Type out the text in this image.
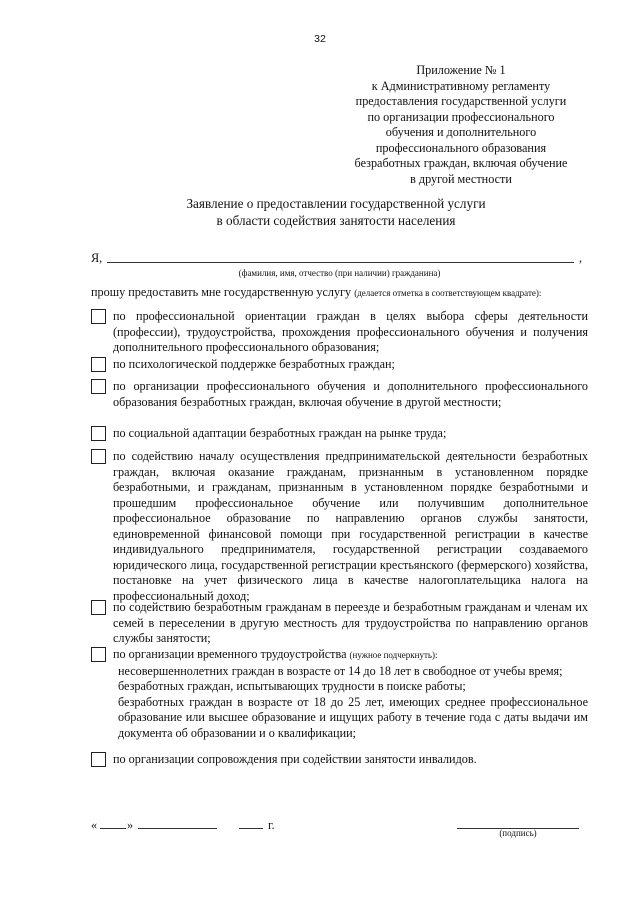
32
Приложение № 1
к Административному регламенту
предоставления государственной услуги
по организации профессионального
обучения и дополнительного
профессионального образования
безработных граждан, включая обучение
в другой местности
Заявление о предоставлении государственной услуги
в области содействия занятости населения
Я,	,
(фамилия, имя, отчество (при наличии) гражданина)
прошу предоставить мне государственную услугу (делается отметка в соответствующем квадрате):
по профессиональной ориентации граждан в целях выбора сферы деятельности (профессии), трудоустройства, прохождения профессионального обучения и получения дополнительного профессионального образования;
по психологической поддержке безработных граждан;
по организации профессионального обучения и дополнительного профессионального образования безработных граждан, включая обучение в другой местности;
по социальной адаптации безработных граждан на рынке труда;
по содействию началу осуществления предпринимательской деятельности безработных граждан, включая оказание гражданам, признанным в установленном порядке безработными, и гражданам, признанным в установленном порядке безработными и прошедшим профессиональное обучение или получившим дополнительное профессиональное образование по направлению органов службы занятости, единовременной финансовой помощи при государственной регистрации в качестве индивидуального предпринимателя, государственной регистрации создаваемого юридического лица, государственной регистрации крестьянского (фермерского) хозяйства, постановке на учет физического лица в качестве налогоплательщика налога на профессиональный доход;
по содействию безработным гражданам в переезде и безработным гражданам и членам их семей в переселении в другую местность для трудоустройства по направлению органов службы занятости;
по организации временного трудоустройства (нужное подчеркнуть):
несовершеннолетних граждан в возрасте от 14 до 18 лет в свободное от учебы время;
безработных граждан, испытывающих трудности в поиске работы;
безработных граждан в возрасте от 18 до 25 лет, имеющих среднее профессиональное образование или высшее образование и ищущих работу в течение года с даты выдачи им документа об образовании и о квалификации;
по организации сопровождения при содействии занятости инвалидов.
« »	г.
(подпись)
